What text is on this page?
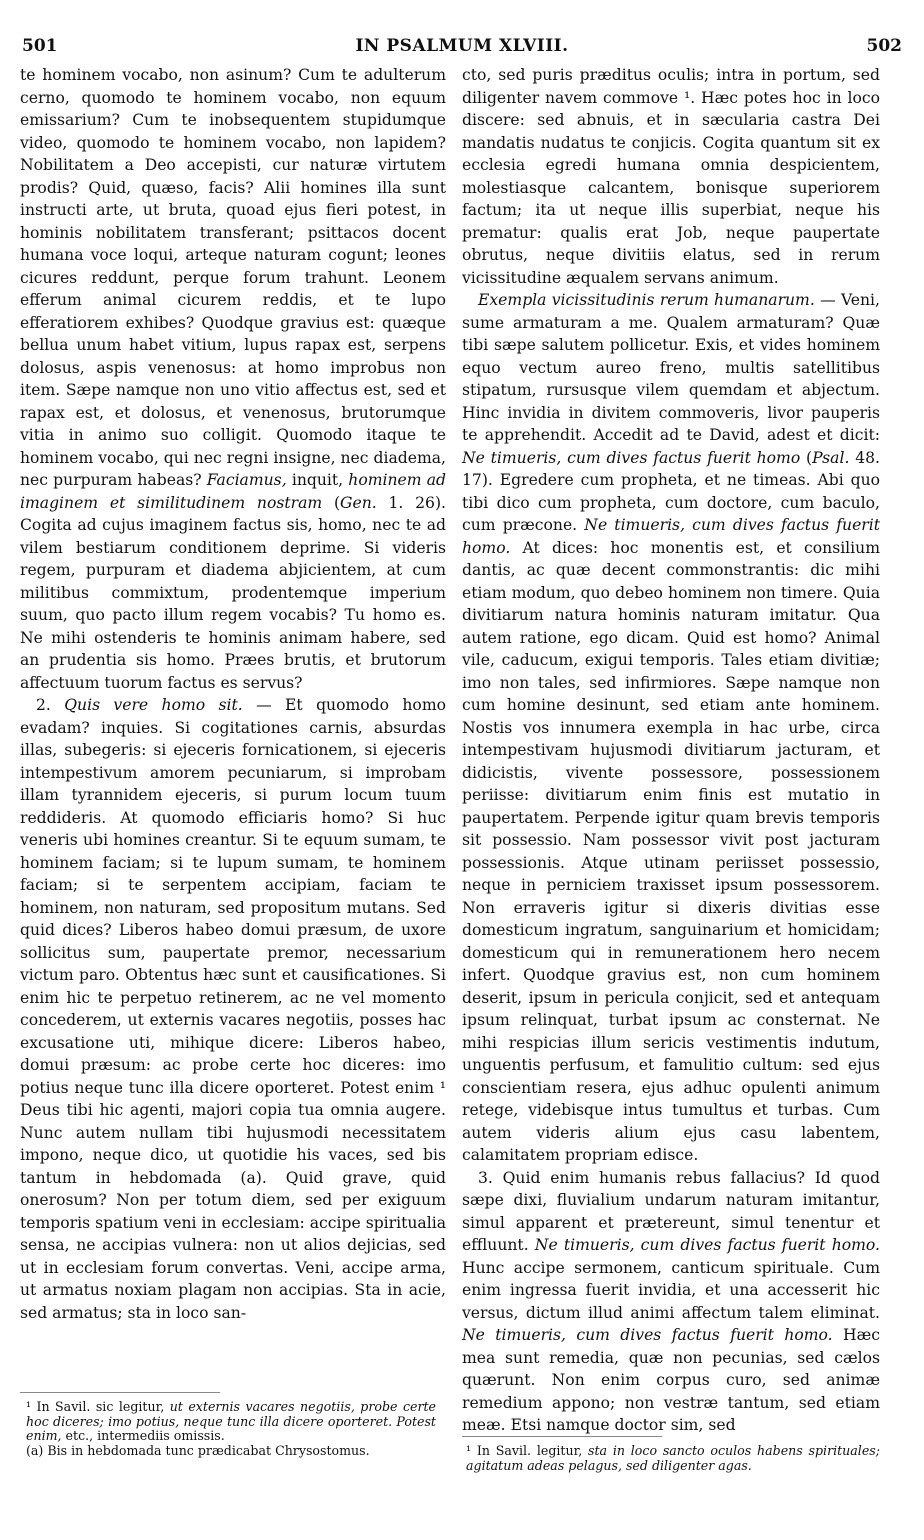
501	IN PSALMUM XLVIII.	502

te hominem vocabo, non asinum? Cum te adulterum cerno, quomodo te hominem vocabo, non equum emissarium? Cum te inobsequentem stupidumque video, quomodo te hominem vocabo, non lapidem? Nobilitatem a Deo accepisti, cur naturæ virtutem prodis? Quid, quæso, facis? Alii homines illa sunt instructi arte, ut bruta, quoad ejus fieri potest, in hominis nobilitatem transferant; psittacos docent humana voce loqui, arteque naturam cogunt; leones cicures reddunt, perque forum trahunt. Leonem efferum animal cicurem reddis, et te lupo efferatiorem exhibes? Quodque gravius est: quæque bellua unum habet vitium, lupus rapax est, serpens dolosus, aspis venenosus: at homo improbus non item. Sæpe namque non uno vitio affectus est, sed et rapax est, et dolosus, et venenosus, brutorumque vitia in animo suo colligit. Quomodo itaque te hominem vocabo, qui nec regni insigne, nec diadema, nec purpuram habeas? Faciamus, inquit, hominem ad imaginem et similitudinem nostram (Gen. 1. 26). Cogita ad cujus imaginem factus sis, homo, nec te ad vilem bestiarum conditionem deprime. Si videris regem, purpuram et diadema abjicientem, at cum militibus commixtum, prodentemque imperium suum, quo pacto illum regem vocabis? Tu homo es. Ne mihi ostenderis te hominis animam habere, sed an prudentia sis homo. Præes brutis, et brutorum affectuum tuorum factus es servus?

2. Quis vere homo sit. — Et quomodo homo evadam? inquies. Si cogitationes carnis, absurdas illas, subegeris: si ejeceris fornicationem, si ejeceris intempestivum amorem pecuniarum, si improbam illam tyrannidem ejeceris, si purum locum tuum reddideris. At quomodo efficiaris homo? Si huc veneris ubi homines creantur. Si te equum sumam, te hominem faciam; si te lupum sumam, te hominem faciam; si te serpentem accipiam, faciam te hominem, non naturam, sed propositum mutans. Sed quid dices? Liberos habeo domui præsum, de uxore sollicitus sum, paupertate premor, necessarium victum paro. Obtentus hæc sunt et causificationes. Si enim hic te perpetuo retinerem, ac ne vel momento concederem, ut externis vacares negotiis, posses hac excusatione uti, mihique dicere: Liberos habeo, domui præsum: ac probe certe hoc diceres: imo potius neque tunc illa dicere oporteret. Potest enim ¹ Deus tibi hic agenti, majori copia tua omnia augere. Nunc autem nullam tibi hujusmodi necessitatem impono, neque dico, ut quotidie his vaces, sed bis tantum in hebdomada (a). Quid grave, quid onerosum? Non per totum diem, sed per exiguum temporis spatium veni in ecclesiam: accipe spiritualia sensa, ne accipias vulnera: non ut alios dejicias, sed ut in ecclesiam forum convertas. Veni, accipe arma, ut armatus noxiam plagam non accipias. Sta in acie, sed armatus; sta in loco san-

cto, sed puris præditus oculis; intra in portum, sed diligenter navem commove ¹. Hæc potes hoc in loco discere: sed abnuis, et in sæcularia castra Dei mandatis nudatus te conjicis. Cogita quantum sit ex ecclesia egredi humana omnia despicientem, molestiasque calcantem, bonisque superiorem factum; ita ut neque illis superbiat, neque his prematur: qualis erat Job, neque paupertate obrutus, neque divitiis elatus, sed in rerum vicissitudine æqualem servans animum.

Exempla vicissitudinis rerum humanarum. — Veni, sume armaturam a me. Qualem armaturam? Quæ tibi sæpe salutem pollicetur. Exis, et vides hominem equo vectum aureo freno, multis satellitibus stipatum, rursusque vilem quemdam et abjectum. Hinc invidia in divitem commoveris, livor pauperis te apprehendit. Accedit ad te David, adest et dicit: Ne timueris, cum dives factus fuerit homo (Psal. 48. 17). Egredere cum propheta, et ne timeas. Abi quo tibi dico cum propheta, cum doctore, cum baculo, cum præcone. Ne timueris, cum dives factus fuerit homo. At dices: hoc monentis est, et consilium dantis, ac quæ decent commonstrantis: dic mihi etiam modum, quo debeo hominem non timere. Quia divitiarum natura hominis naturam imitatur. Qua autem ratione, ego dicam. Quid est homo? Animal vile, caducum, exigui temporis. Tales etiam divitiæ; imo non tales, sed infirmiores. Sæpe namque non cum homine desinunt, sed etiam ante hominem. Nostis vos innumera exempla in hac urbe, circa intempestivam hujusmodi divitiarum jacturam, et didicistis, vivente possessore, possessionem periisse: divitiarum enim finis est mutatio in paupertatem. Perpende igitur quam brevis temporis sit possessio. Nam possessor vivit post jacturam possessionis. Atque utinam periisset possessio, neque in perniciem traxisset ipsum possessorem. Non erraveris igitur si dixeris divitias esse domesticum ingratum, sanguinarium et homicidam; domesticum qui in remunerationem hero necem infert. Quodque gravius est, non cum hominem deserit, ipsum in pericula conjicit, sed et antequam ipsum relinquat, turbat ipsum ac consternat. Ne mihi respicias illum sericis vestimentis indutum, unguentis perfusum, et famulitio cultum: sed ejus conscientiam resera, ejus adhuc opulenti animum retege, videbisque intus tumultus et turbas. Cum autem videris alium ejus casu labentem, calamitatem propriam edisce.

3. Quid enim humanis rebus fallacius? Id quod sæpe dixi, fluvialium undarum naturam imitantur, simul apparent et prætereunt, simul tenentur et effluunt. Ne timueris, cum dives factus fuerit homo. Hunc accipe sermonem, canticum spirituale. Cum enim ingressa fuerit invidia, et una accesserit hic versus, dictum illud animi affectum talem eliminat. Ne timueris, cum dives factus fuerit homo. Hæc mea sunt remedia, quæ non pecunias, sed cælos quærunt. Non enim corpus curo, sed animæ remedium appono; non vestræ tantum, sed etiam meæ. Etsi namque doctor sim, sed

¹ In Savil. sic legitur, ut externis vacares negotiis, probe certe hoc diceres; imo potius, neque tunc illa dicere oporteret. Potest enim, etc., intermediis omissis.

(a) Bis in hebdomada tunc prædicabat Chrysostomus.	¹ In Savil. legitur, sta in loco sancto oculos habens spirituales; agitatum adeas pelagus, sed diligenter agas.
